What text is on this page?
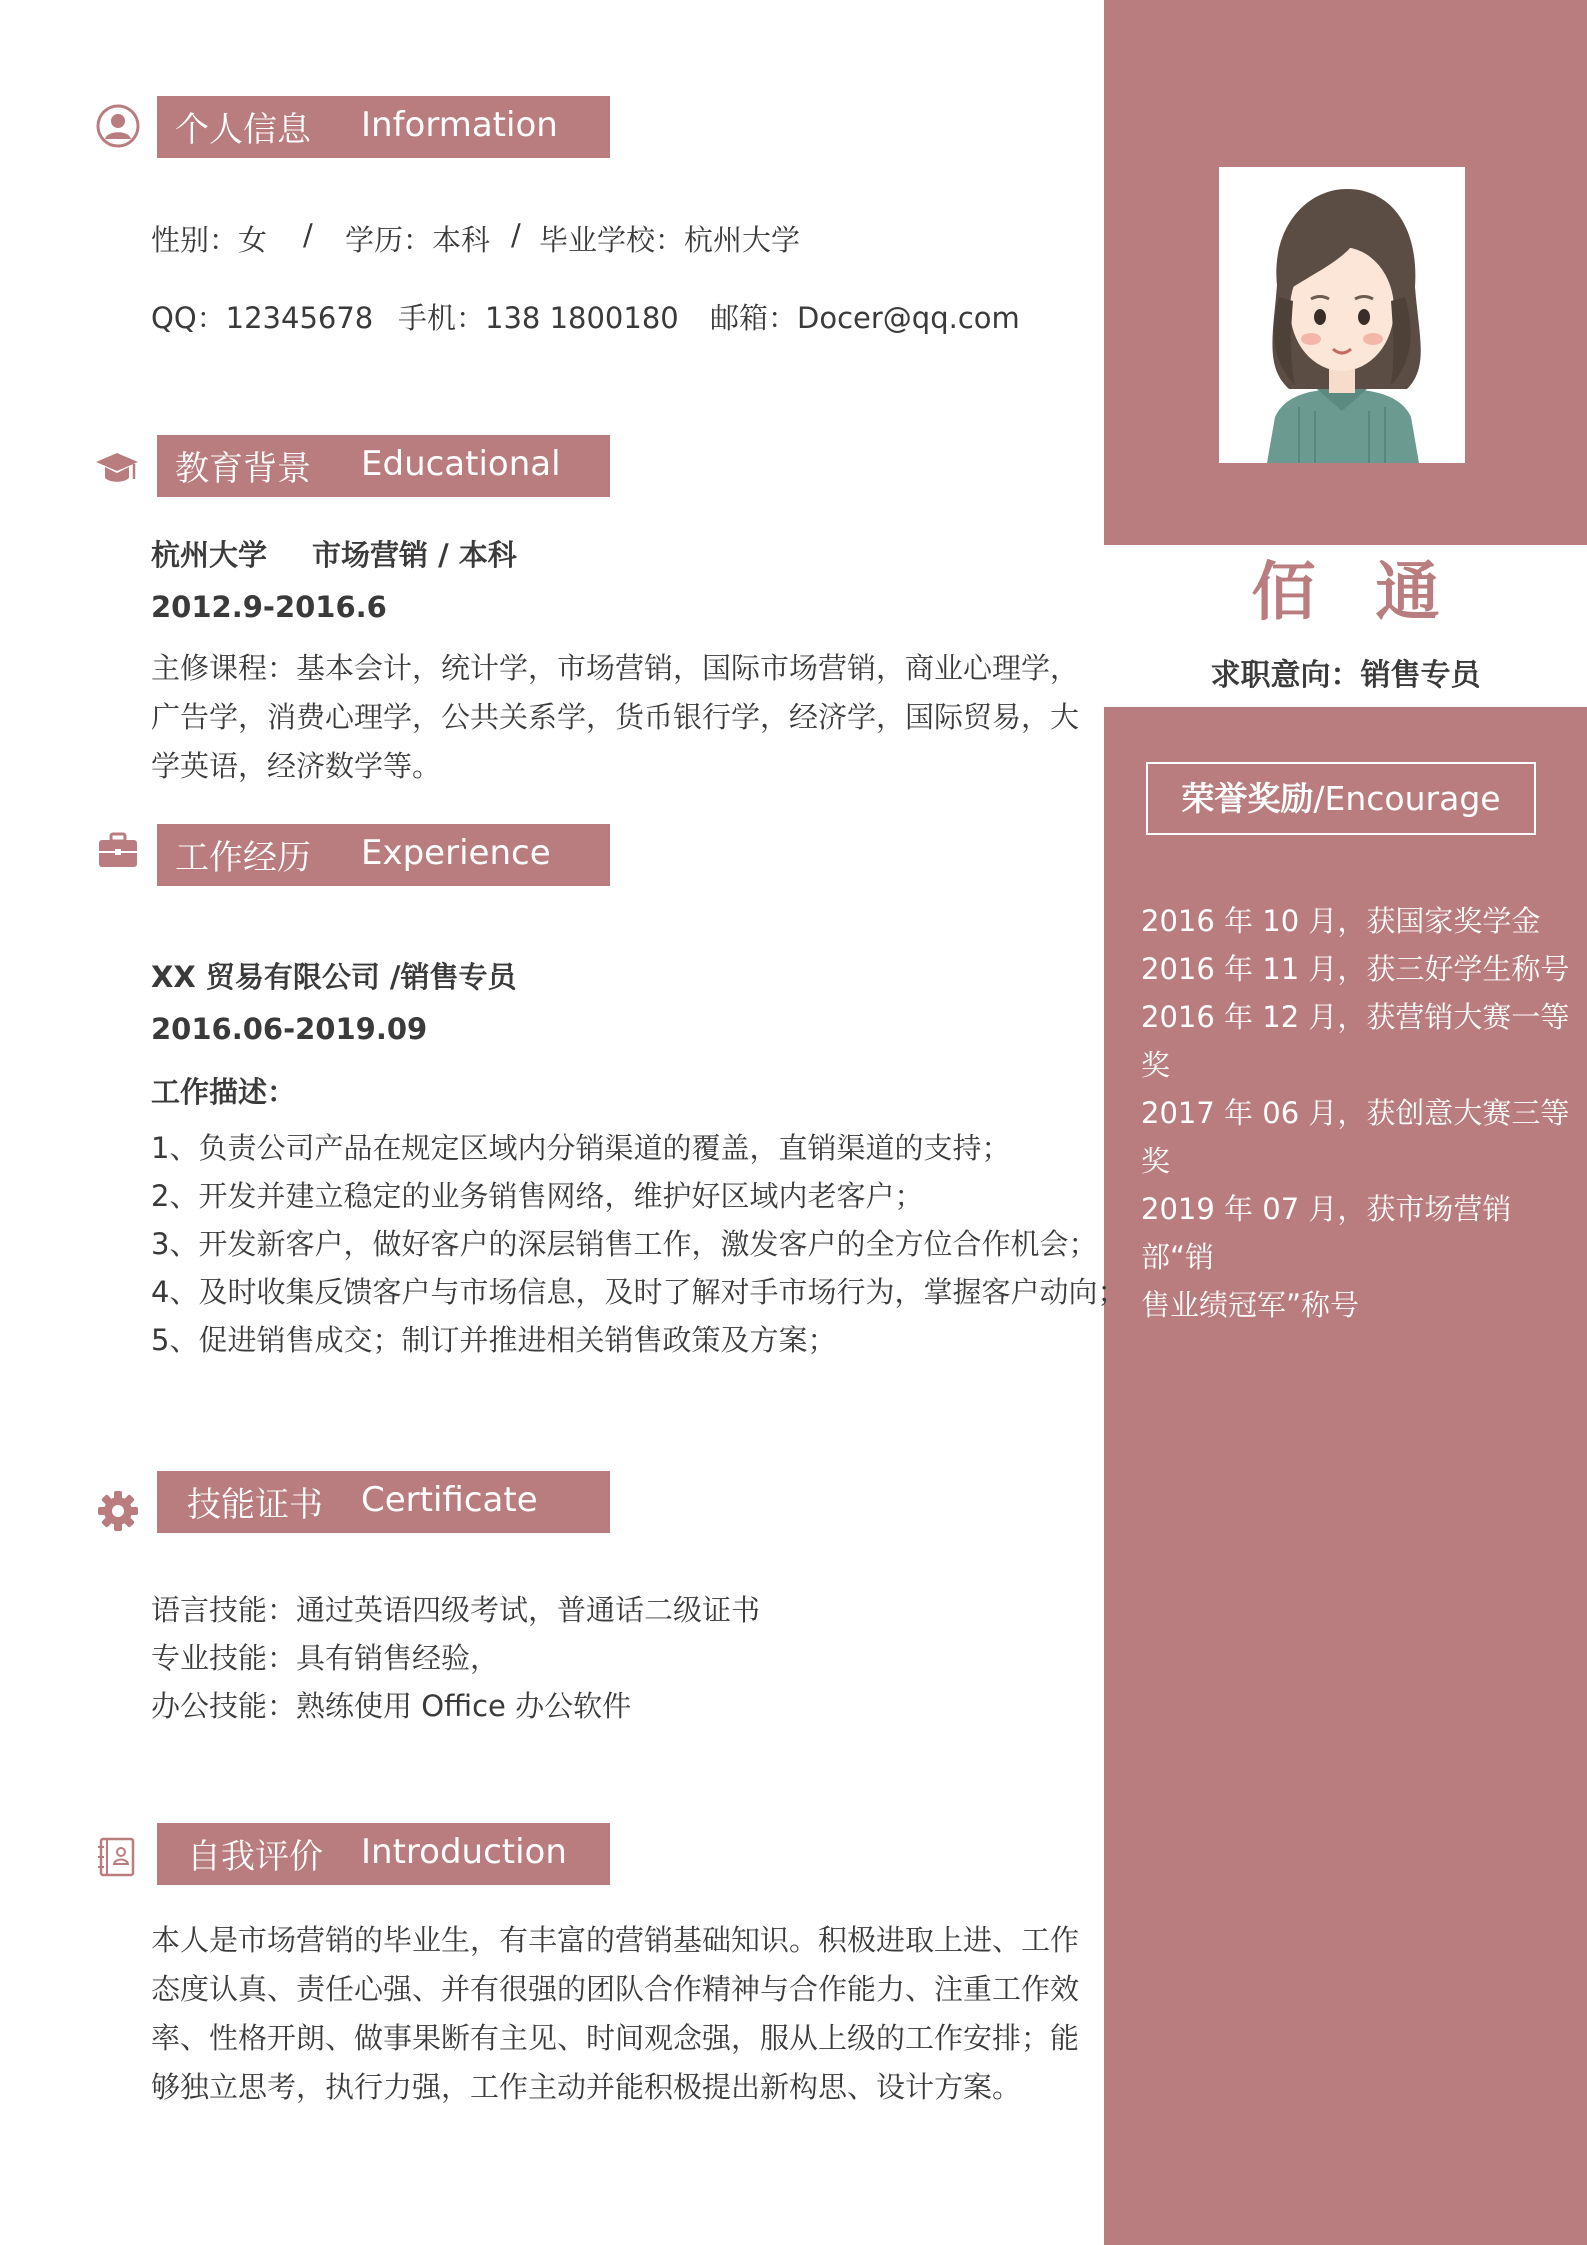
佰通
求职意向：销售专员
荣誉奖励/Encourage
2016 年 10 月，获国家奖学金
2016 年 11 月，获三好学生称号
2016 年 12 月，获营销大赛一等奖
2017 年 06 月，获创意大赛三等奖
2019 年 07 月，获市场营销部“销
售业绩冠军”称号
个人信息 Information
性别：女 / 学历：本科 / 毕业学校：杭州大学
QQ：12345678 手机：138 1800180 邮箱：Docer@qq.com
教育背景 Educational
杭州大学 市场营销 / 本科
2012.9-2016.6
主修课程：基本会计，统计学，市场营销，国际市场营销，商业心理学，广告学，消费心理学，公共关系学，货币银行学，经济学，国际贸易，大学英语，经济数学等。
工作经历 Experience
XX 贸易有限公司 /销售专员
2016.06-2019.09
工作描述：
1、负责公司产品在规定区域内分销渠道的覆盖，直销渠道的支持；
2、开发并建立稳定的业务销售网络，维护好区域内老客户；
3、开发新客户，做好客户的深层销售工作，激发客户的全方位合作机会；
4、及时收集反馈客户与市场信息，及时了解对手市场行为，掌握客户动向；
5、促进销售成交；制订并推进相关销售政策及方案；
技能证书 Certificate
语言技能：通过英语四级考试，普通话二级证书
专业技能：具有销售经验，
办公技能：熟练使用 Office 办公软件
自我评价 Introduction
本人是市场营销的毕业生，有丰富的营销基础知识。积极进取上进、工作态度认真、责任心强、并有很强的团队合作精神与合作能力、注重工作效率、性格开朗、做事果断有主见、时间观念强，服从上级的工作安排；能够独立思考，执行力强，工作主动并能积极提出新构思、设计方案。
